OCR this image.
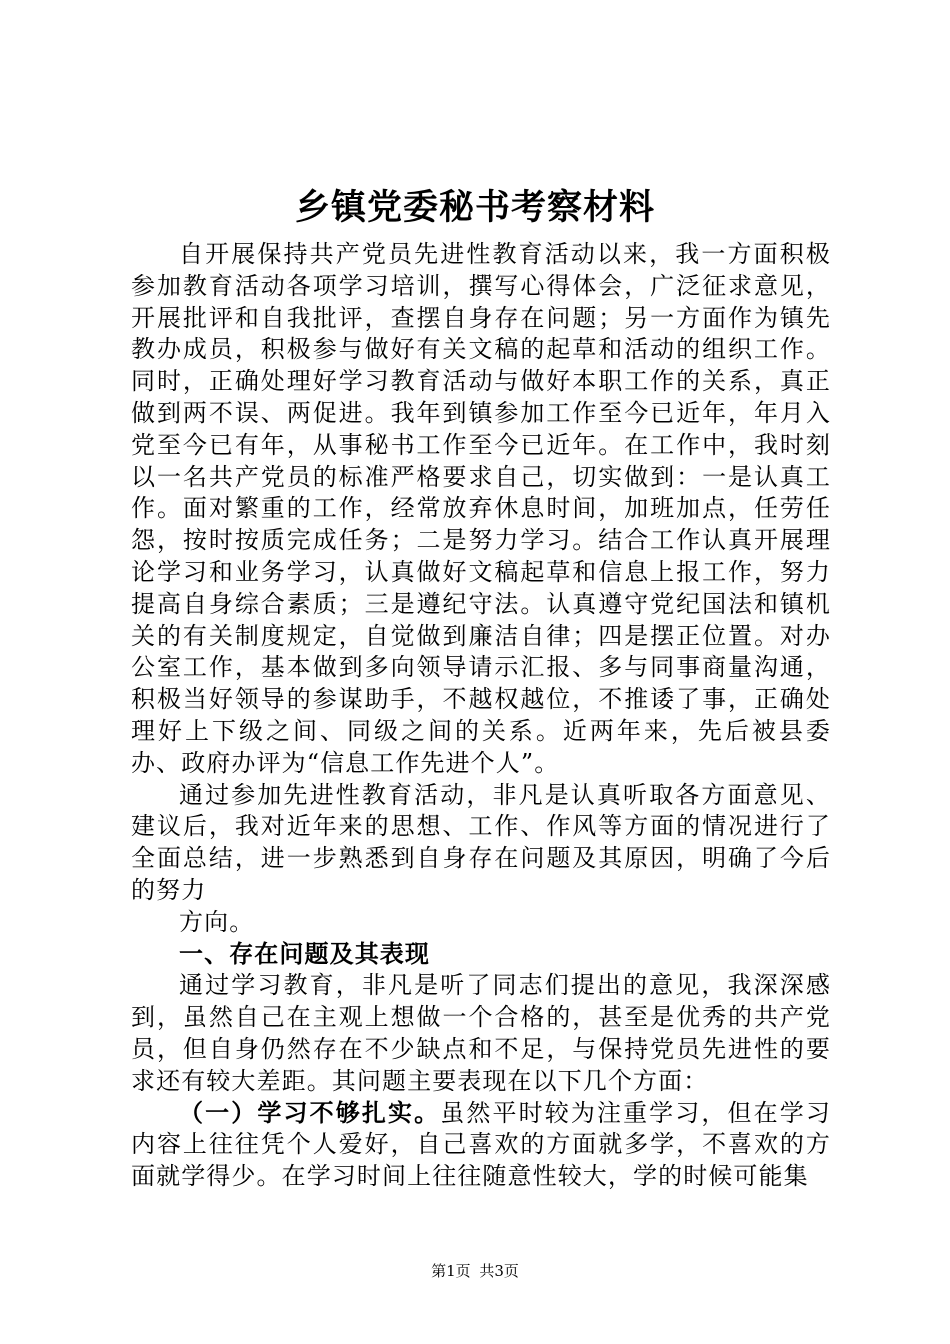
乡镇党委秘书考察材料

自开展保持共产党员先进性教育活动以来，我一方面积极参加教育活动各项学习培训，撰写心得体会，广泛征求意见，开展批评和自我批评，查摆自身存在问题；另一方面作为镇先教办成员，积极参与做好有关文稿的起草和活动的组织工作。同时，正确处理好学习教育活动与做好本职工作的关系，真正做到两不误、两促进。我年到镇参加工作至今已近年，年月入党至今已有年，从事秘书工作至今已近年。在工作中，我时刻以一名共产党员的标准严格要求自己，切实做到：一是认真工作。面对繁重的工作，经常放弃休息时间，加班加点，任劳任怨，按时按质完成任务；二是努力学习。结合工作认真开展理论学习和业务学习，认真做好文稿起草和信息上报工作，努力提高自身综合素质；三是遵纪守法。认真遵守党纪国法和镇机关的有关制度规定，自觉做到廉洁自律；四是摆正位置。对办公室工作，基本做到多向领导请示汇报、多与同事商量沟通，积极当好领导的参谋助手，不越权越位，不推诿了事，正确处理好上下级之间、同级之间的关系。近两年来，先后被县委办、政府办评为“信息工作先进个人”。

通过参加先进性教育活动，非凡是认真听取各方面意见、建议后，我对近年来的思想、工作、作风等方面的情况进行了全面总结，进一步熟悉到自身存在问题及其原因，明确了今后的努力

方向。

一、存在问题及其表现

通过学习教育，非凡是听了同志们提出的意见，我深深感到，虽然自己在主观上想做一个合格的，甚至是优秀的共产党员，但自身仍然存在不少缺点和不足，与保持党员先进性的要求还有较大差距。其问题主要表现在以下几个方面：

（一）学习不够扎实。虽然平时较为注重学习，但在学习内容上往往凭个人爱好，自己喜欢的方面就多学，不喜欢的方面就学得少。在学习时间上往往随意性较大，学的时候可能集

第1页 共3页
